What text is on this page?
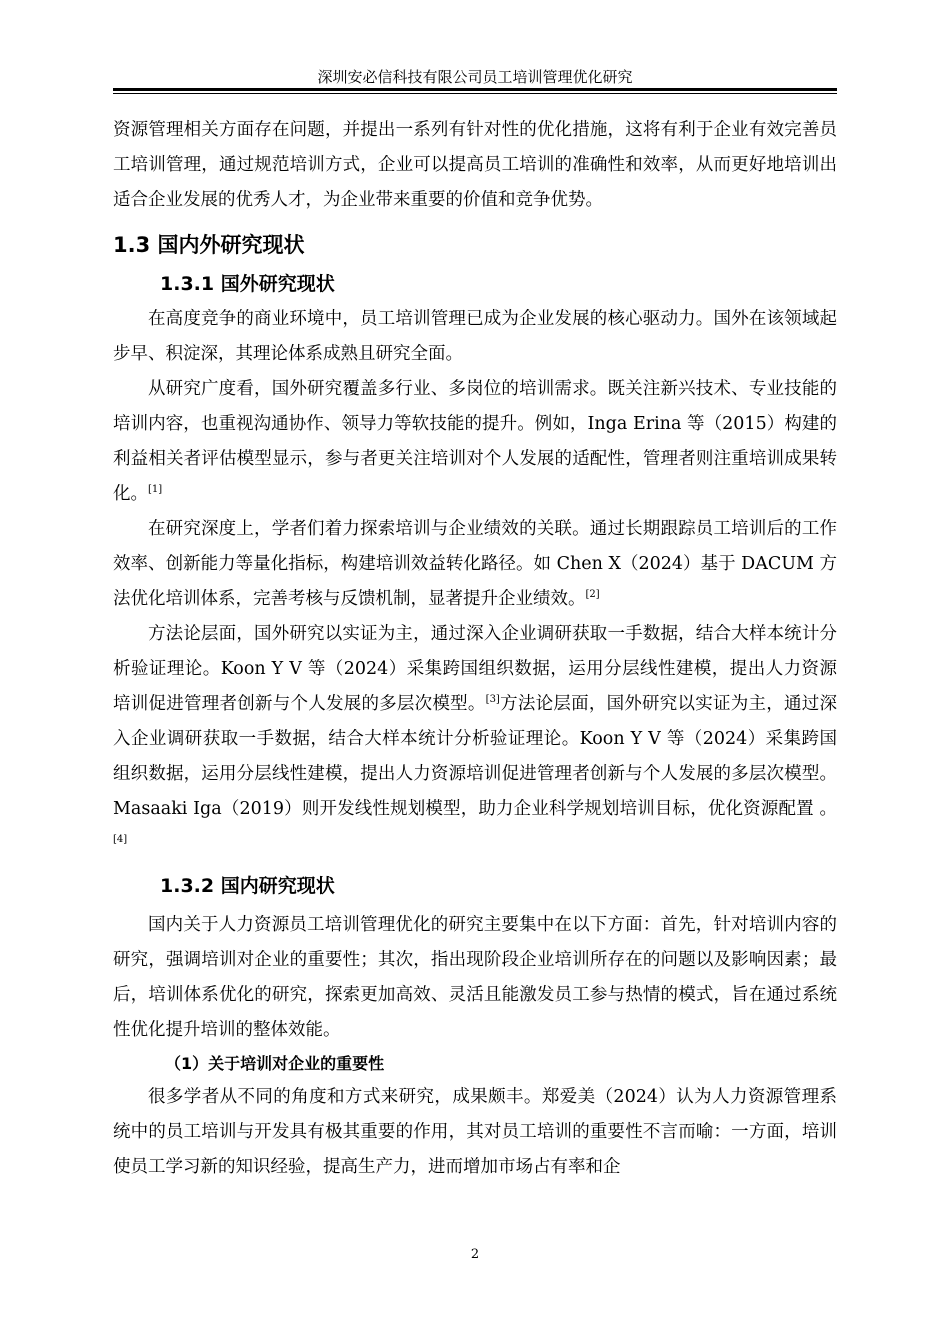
深圳安必信科技有限公司员工培训管理优化研究

资源管理相关方面存在问题，并提出一系列有针对性的优化措施，这将有利于企业有效完善员工培训管理，通过规范培训方式，企业可以提高员工培训的准确性和效率，从而更好地培训出适合企业发展的优秀人才，为企业带来重要的价值和竞争优势。

1.3 国内外研究现状
1.3.1 国外研究现状

在高度竞争的商业环境中，员工培训管理已成为企业发展的核心驱动力。国外在该领域起步早、积淀深，其理论体系成熟且研究全面。

从研究广度看，国外研究覆盖多行业、多岗位的培训需求。既关注新兴技术、专业技能的培训内容，也重视沟通协作、领导力等软技能的提升。例如，Inga Erina 等（2015）构建的利益相关者评估模型显示，参与者更关注培训对个人发展的适配性，管理者则注重培训成果转化。[1]

在研究深度上，学者们着力探索培训与企业绩效的关联。通过长期跟踪员工培训后的工作效率、创新能力等量化指标，构建培训效益转化路径。如 Chen X（2024）基于 DACUM 方法优化培训体系，完善考核与反馈机制，显著提升企业绩效。[2]

方法论层面，国外研究以实证为主，通过深入企业调研获取一手数据，结合大样本统计分析验证理论。Koon Y V 等（2024）采集跨国组织数据，运用分层线性建模，提出人力资源培训促进管理者创新与个人发展的多层次模型。[3]方法论层面，国外研究以实证为主，通过深入企业调研获取一手数据，结合大样本统计分析验证理论。Koon Y V 等（2024）采集跨国组织数据，运用分层线性建模，提出人力资源培训促进管理者创新与个人发展的多层次模型。Masaaki Iga（2019）则开发线性规划模型，助力企业科学规划培训目标，优化资源配置 。[4]

1.3.2 国内研究现状

国内关于人力资源员工培训管理优化的研究主要集中在以下方面：首先，针对培训内容的研究，强调培训对企业的重要性；其次，指出现阶段企业培训所存在的问题以及影响因素；最后，培训体系优化的研究，探索更加高效、灵活且能激发员工参与热情的模式，旨在通过系统性优化提升培训的整体效能。

（1）关于培训对企业的重要性

很多学者从不同的角度和方式来研究，成果颇丰。郑爱美（2024）认为人力资源管理系统中的员工培训与开发具有极其重要的作用，其对员工培训的重要性不言而喻：一方面，培训使员工学习新的知识经验，提高生产力，进而增加市场占有率和企

2
